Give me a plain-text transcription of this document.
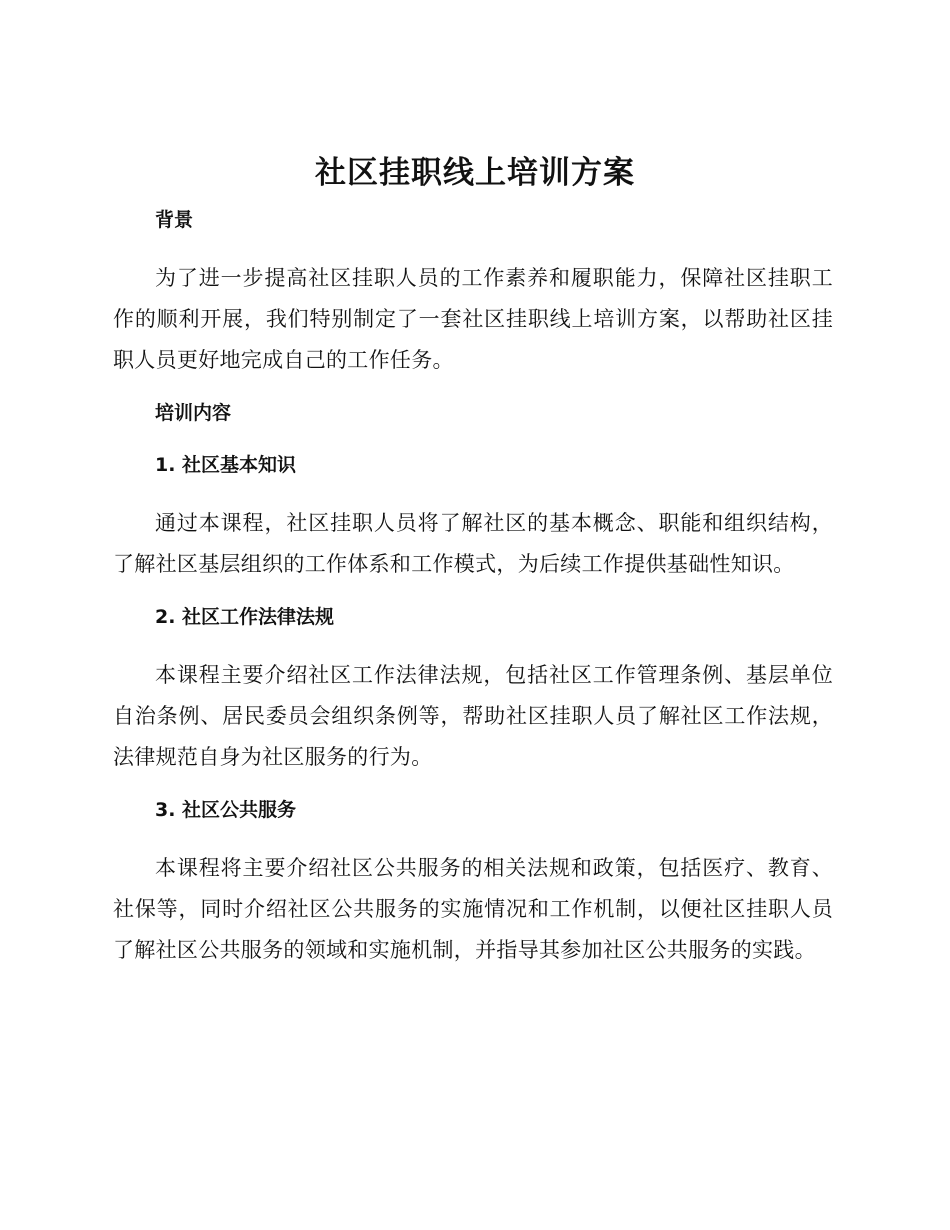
社区挂职线上培训方案
背景

为了进一步提高社区挂职人员的工作素养和履职能力，保障社区挂职工作的顺利开展，我们特别制定了一套社区挂职线上培训方案，以帮助社区挂职人员更好地完成自己的工作任务。

培训内容
1. 社区基本知识

通过本课程，社区挂职人员将了解社区的基本概念、职能和组织结构，了解社区基层组织的工作体系和工作模式，为后续工作提供基础性知识。

2. 社区工作法律法规

本课程主要介绍社区工作法律法规，包括社区工作管理条例、基层单位自治条例、居民委员会组织条例等，帮助社区挂职人员了解社区工作法规，法律规范自身为社区服务的行为。

3. 社区公共服务

本课程将主要介绍社区公共服务的相关法规和政策，包括医疗、教育、社保等，同时介绍社区公共服务的实施情况和工作机制，以便社区挂职人员了解社区公共服务的领域和实施机制，并指导其参加社区公共服务的实践。
